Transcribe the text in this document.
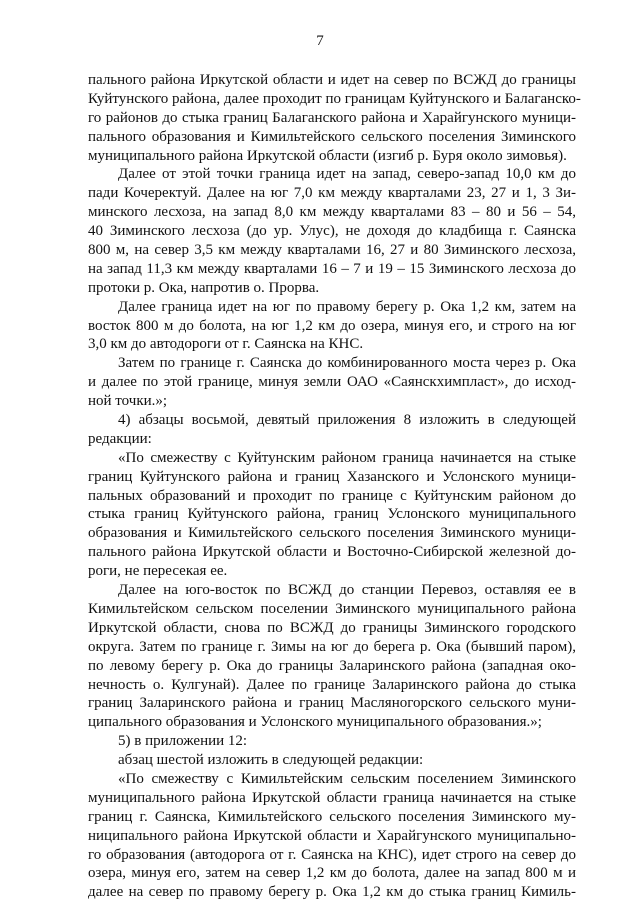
7
пального района Иркутской области и идет на север по ВСЖД до границы
Куйтунского района, далее проходит по границам Куйтунского и Балаганско-
го районов до стыка границ Балаганского района и Харайгунского муници-
пального образования и Кимильтейского сельского поселения Зиминского
муниципального района Иркутской области (изгиб р. Буря около зимовья).
Далее от этой точки граница идет на запад, северо-запад 10,0 км до
пади Кочеректуй. Далее на юг 7,0 км между кварталами 23, 27 и 1, 3 Зи-
минского лесхоза, на запад 8,0 км между кварталами 83 – 80 и 56 – 54,
40 Зиминского лесхоза (до ур. Улус), не доходя до кладбища г. Саянска
800 м, на север 3,5 км между кварталами 16, 27 и 80 Зиминского лесхоза,
на запад 11,3 км между кварталами 16 – 7 и 19 – 15 Зиминского лесхоза до
протоки р. Ока, напротив о. Прорва.
Далее граница идет на юг по правому берегу р. Ока 1,2 км, затем на
восток 800 м до болота, на юг 1,2 км до озера, минуя его, и строго на юг
3,0 км до автодороги от г. Саянска на КНС.
Затем по границе г. Саянска до комбинированного моста через р. Ока
и далее по этой границе, минуя земли ОАО «Саянскхимпласт», до исход-
ной точки.»;
4) абзацы восьмой, девятый приложения 8 изложить в следующей
редакции:
«По смежеству с Куйтунским районом граница начинается на стыке
границ Куйтунского района и границ Хазанского и Услонского муници-
пальных образований и проходит по границе с Куйтунским районом до
стыка границ Куйтунского района, границ Услонского муниципального
образования и Кимильтейского сельского поселения Зиминского муници-
пального района Иркутской области и Восточно-Сибирской железной до-
роги, не пересекая ее.
Далее на юго-восток по ВСЖД до станции Перевоз, оставляя ее в
Кимильтейском сельском поселении Зиминского муниципального района
Иркутской области, снова по ВСЖД до границы Зиминского городского
округа. Затем по границе г. Зимы на юг до берега р. Ока (бывший паром),
по левому берегу р. Ока до границы Заларинского района (западная око-
нечность о. Кулгунай). Далее по границе Заларинского района до стыка
границ Заларинского района и границ Масляногорского сельского муни-
ципального образования и Услонского муниципального образования.»;
5) в приложении 12:
абзац шестой изложить в следующей редакции:
«По смежеству с Кимильтейским сельским поселением Зиминского
муниципального района Иркутской области граница начинается на стыке
границ г. Саянска, Кимильтейского сельского поселения Зиминского му-
ниципального района Иркутской области и Харайгунского муниципально-
го образования (автодорога от г. Саянска на КНС), идет строго на север до
озера, минуя его, затем на север 1,2 км до болота, далее на запад 800 м и
далее на север по правому берегу р. Ока 1,2 км до стыка границ Кимиль-
